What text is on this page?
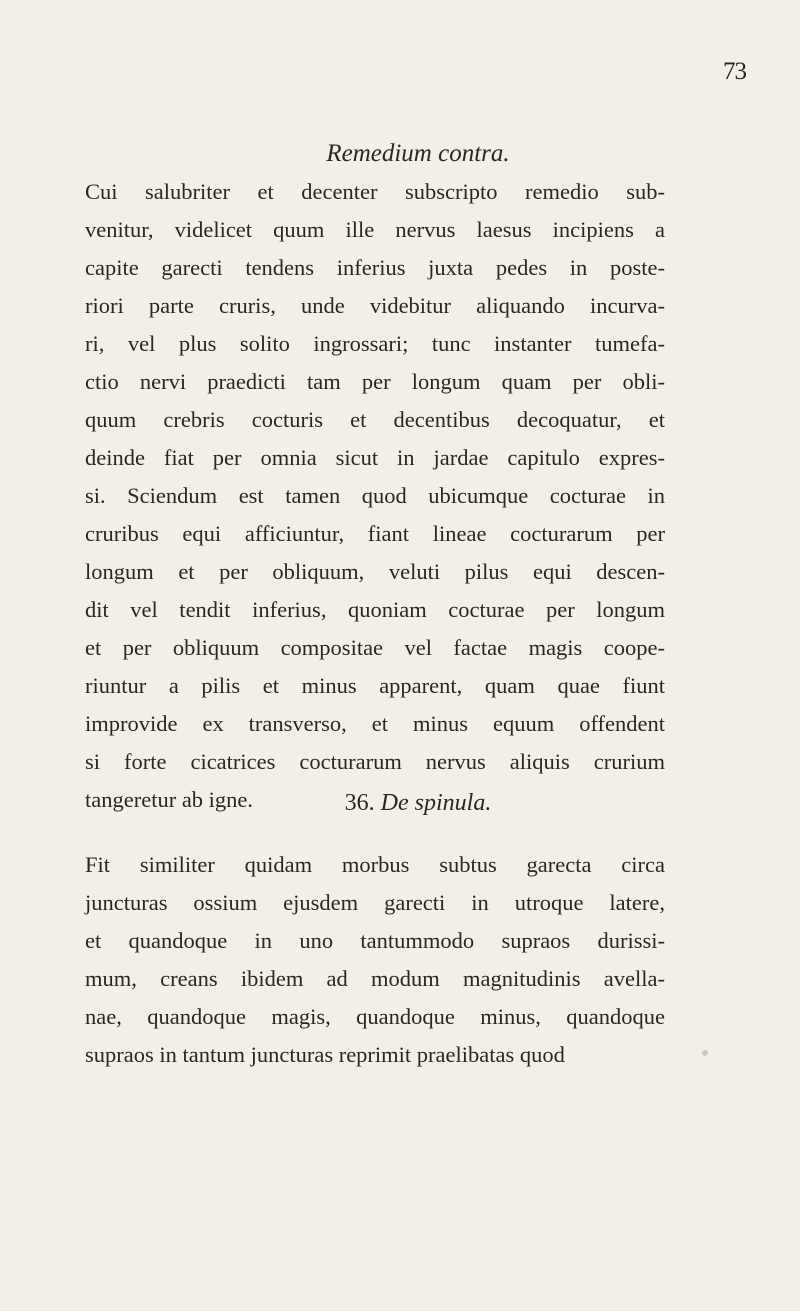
73
Remedium contra.
Cui salubriter et decenter subscripto remedio sub-
venitur, videlicet quum ille nervus laesus incipiens a
capite garecti tendens inferius juxta pedes in poste-
riori parte cruris, unde videbitur aliquando incurva-
ri, vel plus solito ingrossari; tunc instanter tumefa-
ctio nervi praedicti tam per longum quam per obli-
quum crebris cocturis et decentibus decoquatur, et
deinde fiat per omnia sicut in jardae capitulo expres-
si. Sciendum est tamen quod ubicumque cocturae in
cruribus equi afficiuntur, fiant lineae cocturarum per
longum et per obliquum, veluti pilus equi descen-
dit vel tendit inferius, quoniam cocturae per longum
et per obliquum compositae vel factae magis coope-
riuntur a pilis et minus apparent, quam quae fiunt
improvide ex transverso, et minus equum offendent
si forte cicatrices cocturarum nervus aliquis crurium
tangeretur ab igne.	36. De spinula.
Fit similiter quidam morbus subtus garecta circa
juncturas ossium ejusdem garecti in utroque latere,
et quandoque in uno tantummodo supraos durissi-
mum, creans ibidem ad modum magnitudinis avella-
nae, quandoque magis, quandoque minus, quandoque
supraos in tantum juncturas reprimit praelibatas quod
